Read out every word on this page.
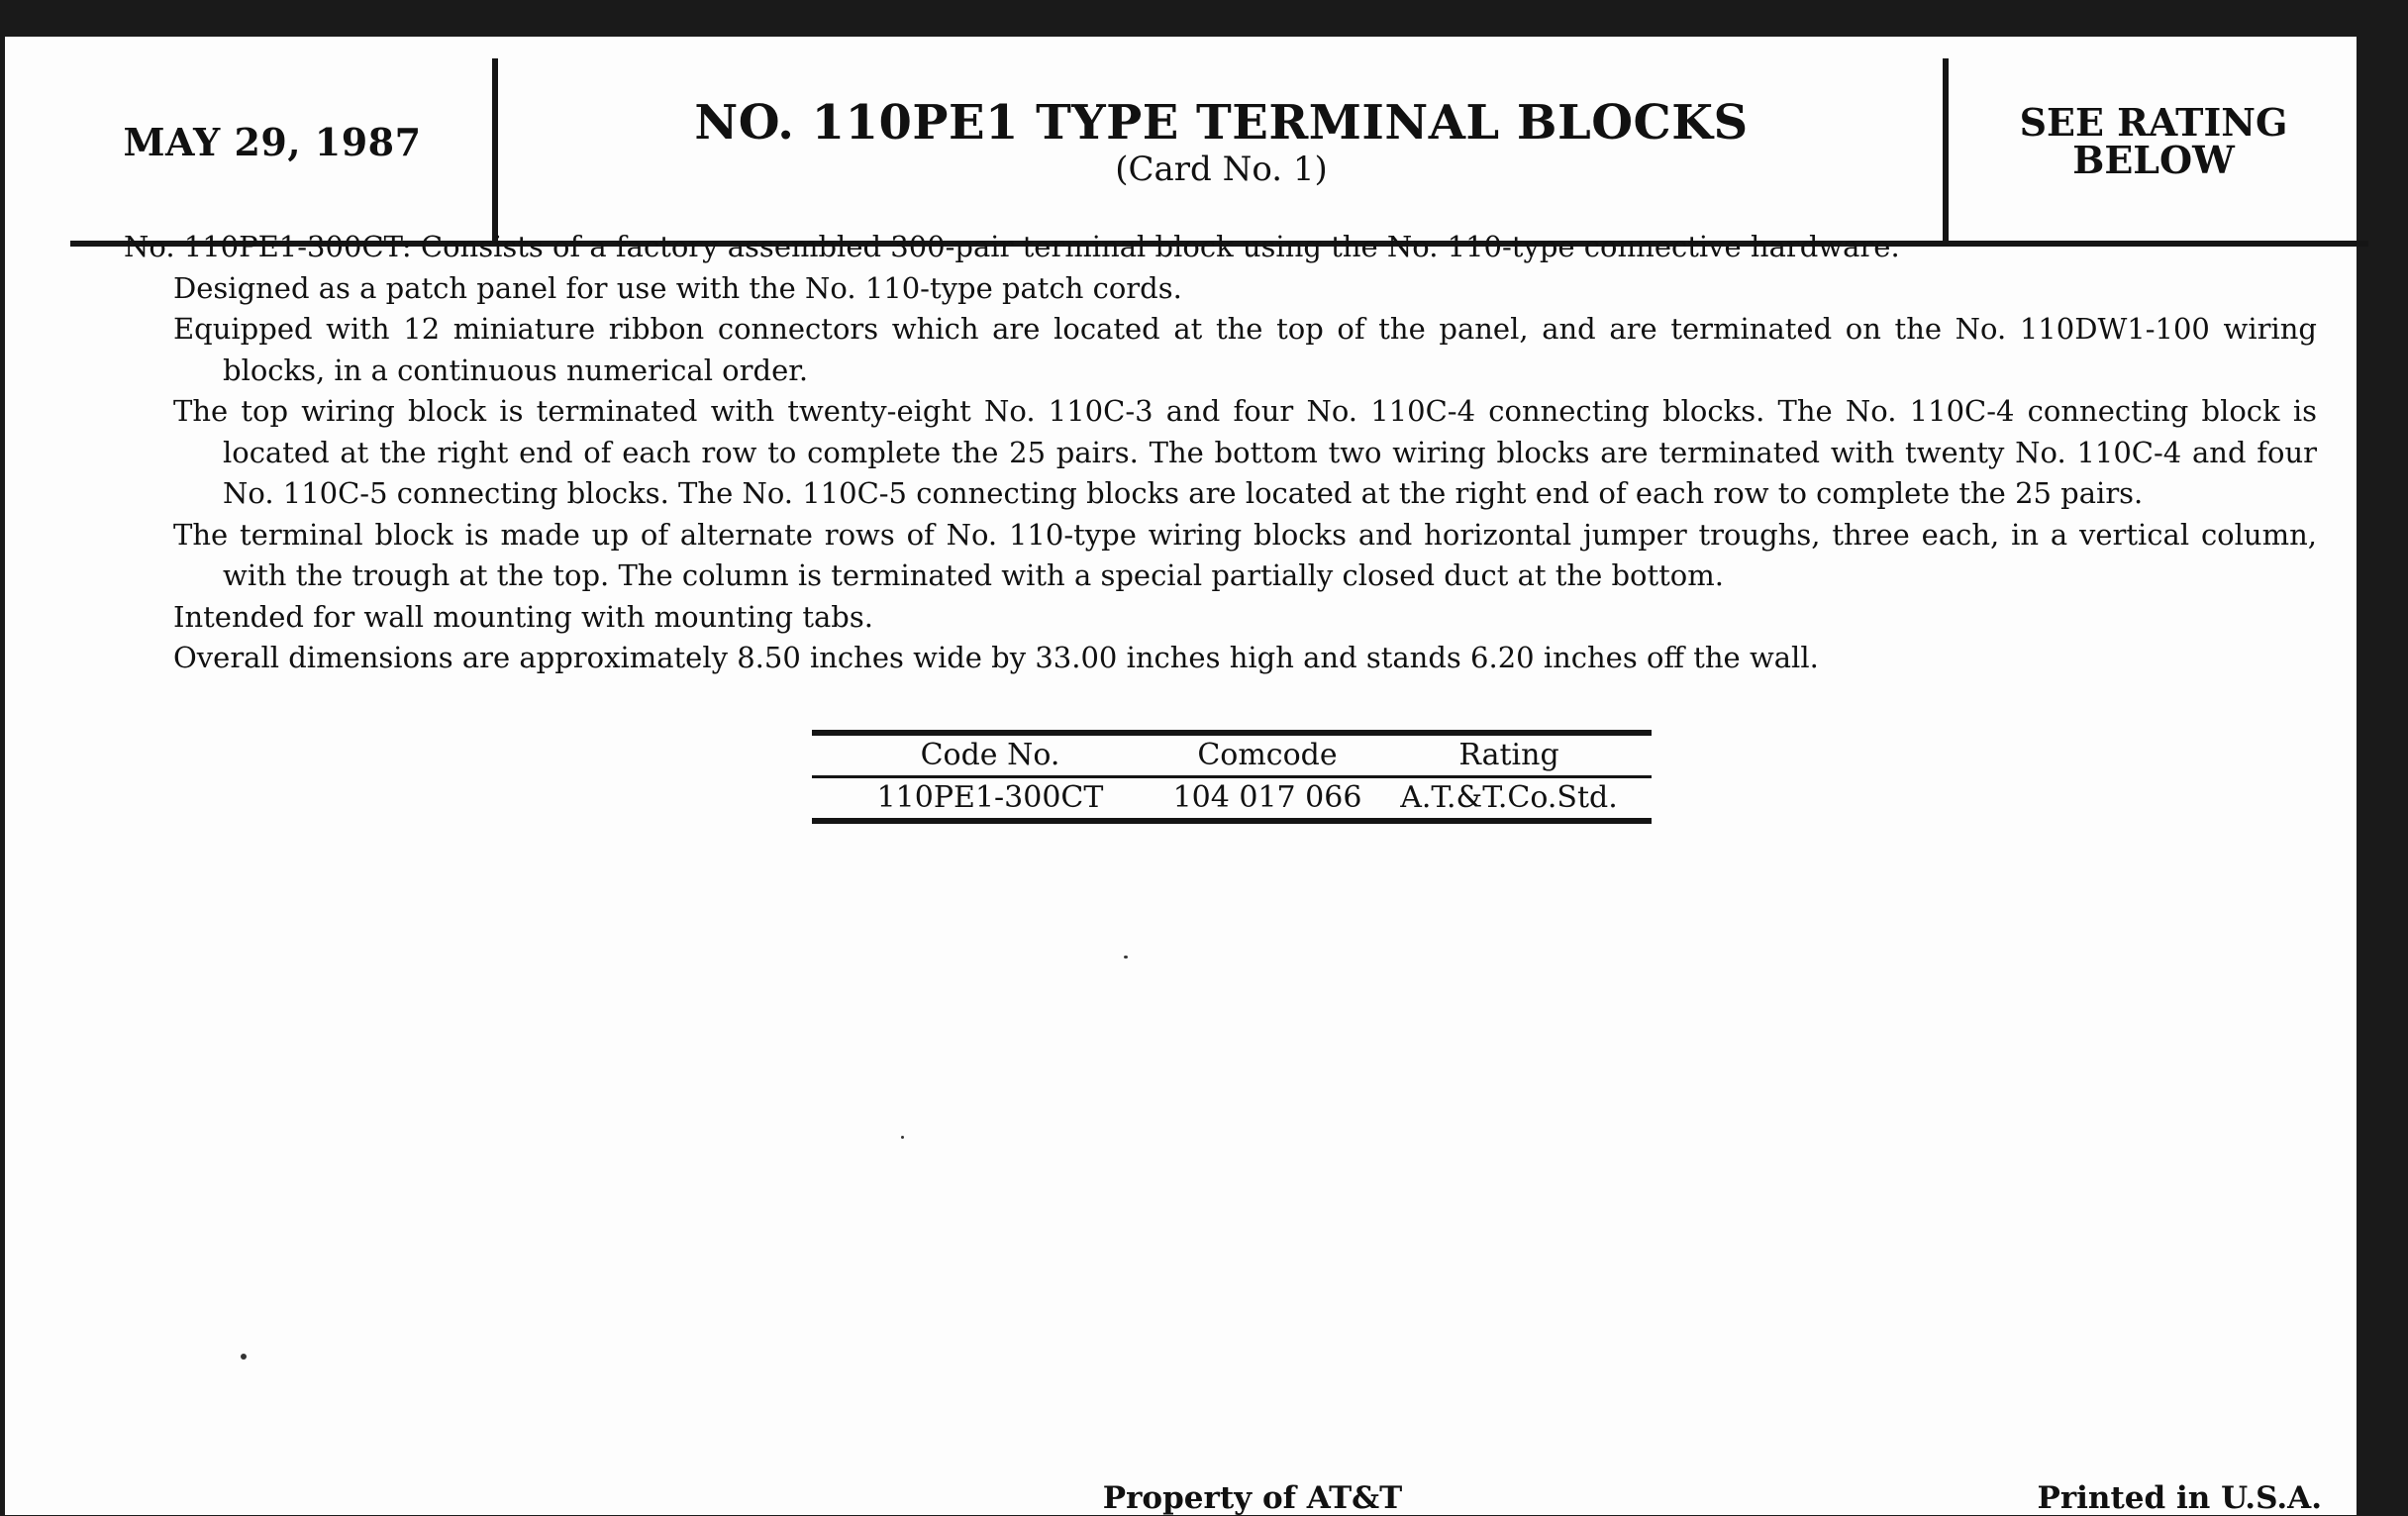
MAY 29, 1987	NO. 110PE1 TYPE TERMINAL BLOCKS
(Card No. 1)
SEE RATING
BELOW

No. 110PE1-300CT: Consists of a factory assembled 300-pair terminal block using the No. 110-type connective hardware.

Designed as a patch panel for use with the No. 110-type patch cords.

Equipped with 12 miniature ribbon connectors which are located at the top of the panel, and are terminated on the No. 110DW1-100 wiring blocks, in a continuous numerical order.

The top wiring block is terminated with twenty-eight No. 110C-3 and four No. 110C-4 connecting blocks. The No. 110C-4 connecting block is located at the right end of each row to complete the 25 pairs. The bottom two wiring blocks are terminated with twenty No. 110C-4 and four No. 110C-5 connecting blocks. The No. 110C-5 connecting blocks are located at the right end of each row to complete the 25 pairs.

The terminal block is made up of alternate rows of No. 110-type wiring blocks and horizontal jumper troughs, three each, in a vertical column, with the trough at the top. The column is terminated with a special partially closed duct at the bottom.

Intended for wall mounting with mounting tabs.

Overall dimensions are approximately 8.50 inches wide by 33.00 inches high and stands 6.20 inches off the wall.

Code No.	Comcode	Rating
110PE1-300CT	104 017 066	A.T.&T.Co.Std.
Property of AT&T	Printed in U.S.A.
